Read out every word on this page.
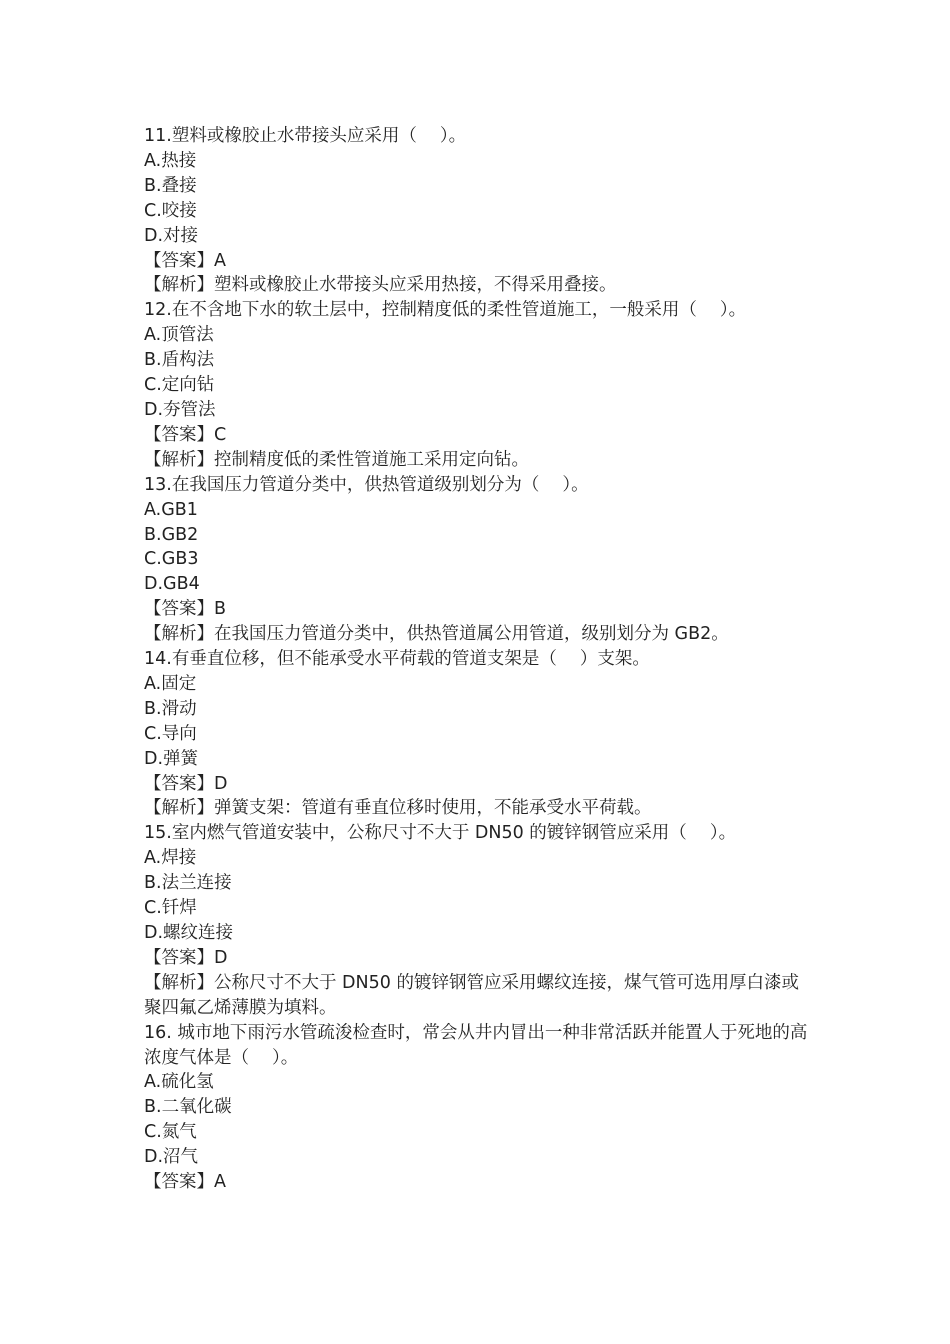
11.塑料或橡胶止水带接头应采用（　 ）。

A.热接

B.叠接

C.咬接

D.对接

【答案】A

【解析】塑料或橡胶止水带接头应采用热接，不得采用叠接。

12.在不含地下水的软土层中，控制精度低的柔性管道施工，一般采用（　 ）。

A.顶管法

B.盾构法

C.定向钻

D.夯管法

【答案】C

【解析】控制精度低的柔性管道施工采用定向钻。

13.在我国压力管道分类中，供热管道级别划分为（　 ）。

A.GB1

B.GB2

C.GB3

D.GB4

【答案】B

【解析】在我国压力管道分类中，供热管道属公用管道，级别划分为 GB2。

14.有垂直位移，但不能承受水平荷载的管道支架是（　 ）支架。

A.固定

B.滑动

C.导向

D.弹簧

【答案】D

【解析】弹簧支架：管道有垂直位移时使用，不能承受水平荷载。

15.室内燃气管道安装中，公称尺寸不大于 DN50 的镀锌钢管应采用（　 ）。

A.焊接

B.法兰连接

C.钎焊

D.螺纹连接

【答案】D

【解析】公称尺寸不大于 DN50 的镀锌钢管应采用螺纹连接，煤气管可选用厚白漆或聚四氟乙烯薄膜为填料。

16. 城市地下雨污水管疏浚检查时，常会从井内冒出一种非常活跃并能置人于死地的高浓度气体是（　 ）。

A.硫化氢

B.二氧化碳

C.氮气

D.沼气

【答案】A
